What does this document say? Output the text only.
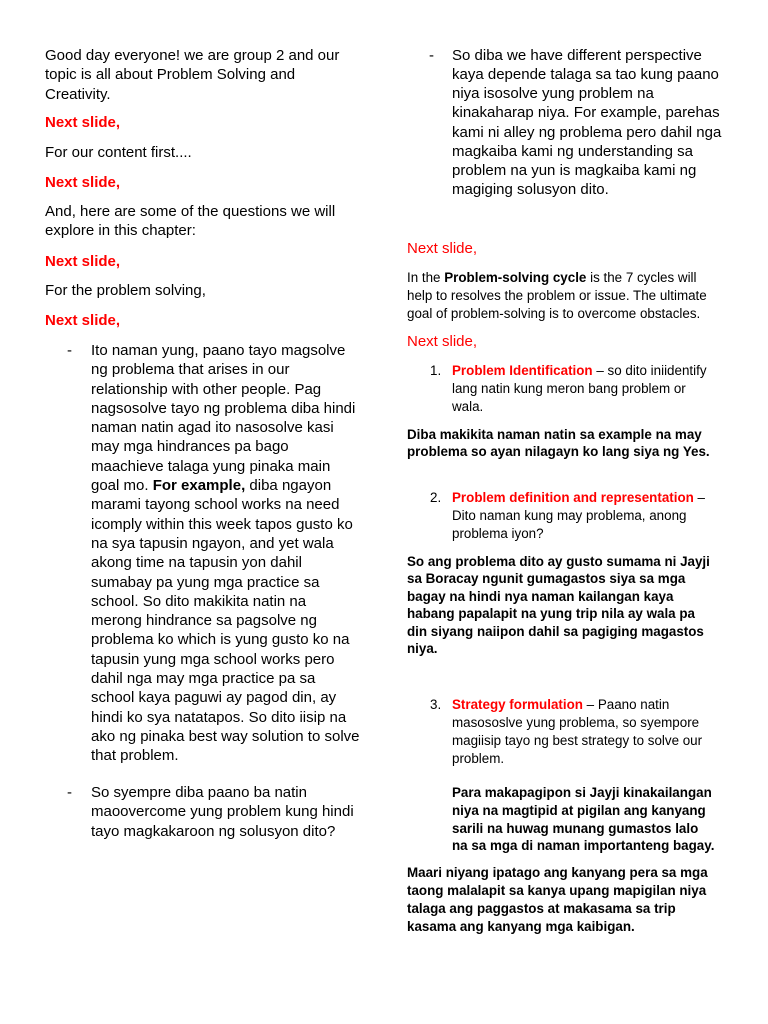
Good day everyone! we are group 2 and our
topic is all about Problem Solving and
Creativity.
Next slide,
For our content first....
Next slide,
And, here are some of the questions we will
explore in this chapter:
Next slide,
For the problem solving,
Next slide,
- Ito naman yung, paano tayo magsolve
ng problema that arises in our
relationship with other people. Pag
nagsosolve tayo ng problema diba hindi
naman natin agad ito nasosolve kasi
may mga hindrances pa bago
maachieve talaga yung pinaka main
goal mo. For example, diba ngayon
marami tayong school works na need
icomply within this week tapos gusto ko
na sya tapusin ngayon, and yet wala
akong time na tapusin yon dahil
sumabay pa yung mga practice sa
school. So dito makikita natin na
merong hindrance sa pagsolve ng
problema ko which is yung gusto ko na
tapusin yung mga school works pero
dahil nga may mga practice pa sa
school kaya paguwi ay pagod din, ay
hindi ko sya natatapos. So dito iisip na
ako ng pinaka best way solution to solve
that problem.
- So syempre diba paano ba natin
maoovercome yung problem kung hindi
tayo magkakaroon ng solusyon dito?
- So diba we have different perspective
kaya depende talaga sa tao kung paano
niya isosolve yung problem na
kinakaharap niya. For example, parehas
kami ni alley ng problema pero dahil nga
magkaiba kami ng understanding sa
problem na yun is magkaiba kami ng
magiging solusyon dito.
Next slide,
In the Problem-solving cycle is the 7 cycles will
help to resolves the problem or issue. The ultimate
goal of problem-solving is to overcome obstacles.
Next slide,
1. Problem Identification – so dito iniidentify
lang natin kung meron bang problem or
wala.
Diba makikita naman natin sa example na may
problema so ayan nilagayn ko lang siya ng Yes.
2. Problem definition and representation –
Dito naman kung may problema, anong
problema iyon?
So ang problema dito ay gusto sumama ni Jayji
sa Boracay ngunit gumagastos siya sa mga
bagay na hindi nya naman kailangan kaya
habang papalapit na yung trip nila ay wala pa
din siyang naiipon dahil sa pagiging magastos
niya.
3. Strategy formulation – Paano natin
masososlve yung problema, so syempore
magiisip tayo ng best strategy to solve our
problem.
Para makapagipon si Jayji kinakailangan
niya na magtipid at pigilan ang kanyang
sarili na huwag munang gumastos lalo
na sa mga di naman importanteng bagay.
Maari niyang ipatago ang kanyang pera sa mga
taong malalapit sa kanya upang mapigilan niya
talaga ang paggastos at makasama sa trip
kasama ang kanyang mga kaibigan.
